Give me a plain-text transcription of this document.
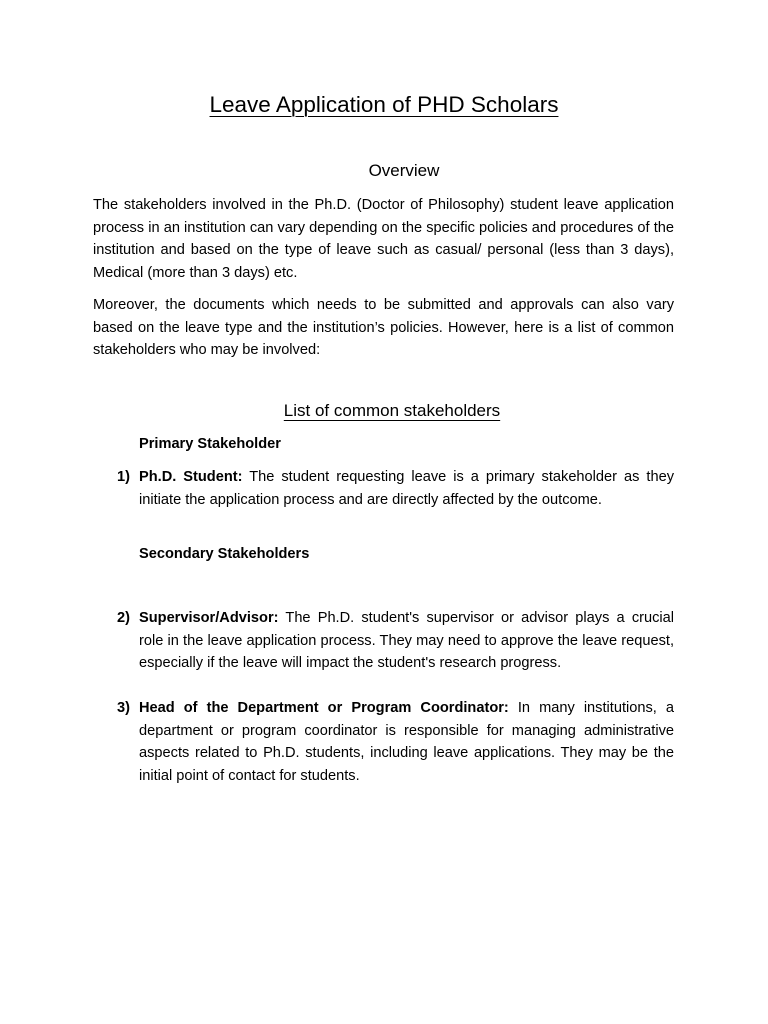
Leave Application of PHD Scholars
Overview

The stakeholders involved in the Ph.D. (Doctor of Philosophy) student leave application process in an institution can vary depending on the specific policies and procedures of the institution and based on the type of leave such as casual/ personal (less than 3 days), Medical (more than 3 days) etc.

Moreover, the documents which needs to be submitted and approvals can also vary based on the leave type and the institution’s policies. However, here is a list of common stakeholders who may be involved:

List of common stakeholders
Primary Stakeholder
1) Ph.D. Student: The student requesting leave is a primary stakeholder as they initiate the application process and are directly affected by the outcome.
Secondary Stakeholders
2) Supervisor/Advisor: The Ph.D. student's supervisor or advisor plays a crucial role in the leave application process. They may need to approve the leave request, especially if the leave will impact the student's research progress.
3) Head of the Department or Program Coordinator: In many institutions, a department or program coordinator is responsible for managing administrative aspects related to Ph.D. students, including leave applications. They may be the initial point of contact for students.
